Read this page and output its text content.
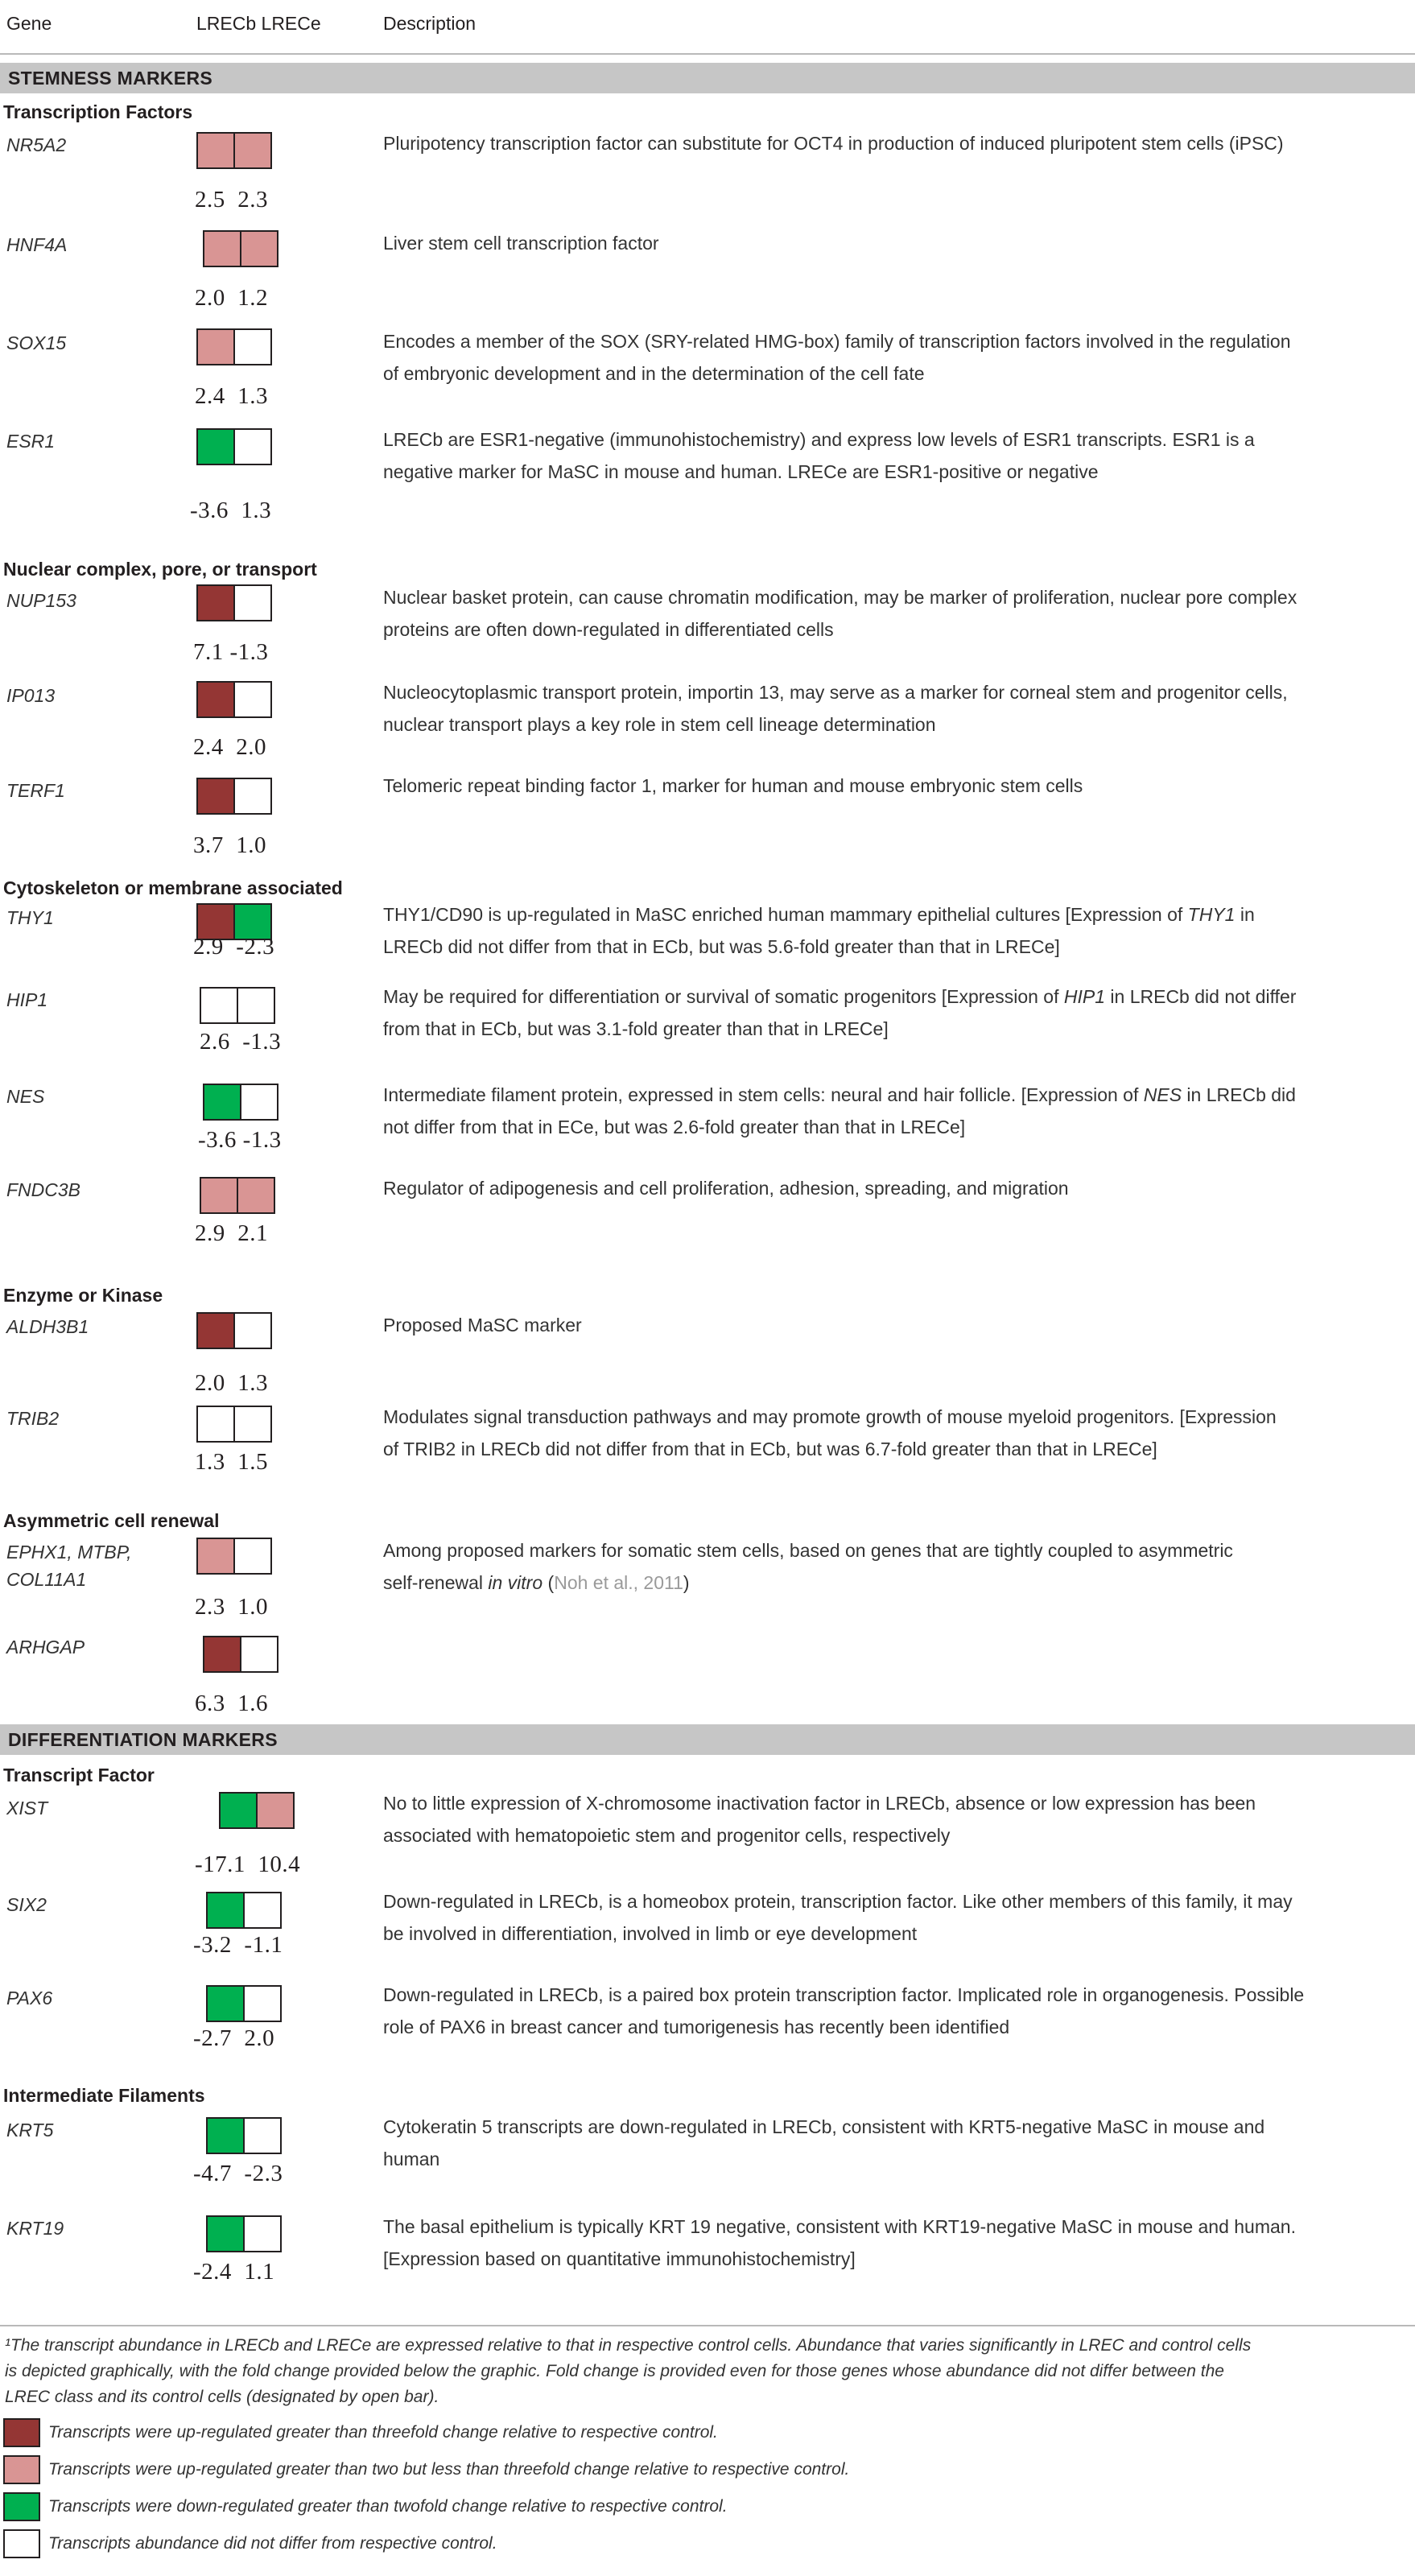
Gene	LRECb LRECe	Description
STEMNESS MARKERS
DIFFERENTIATION MARKERS
Transcription Factors
Nuclear complex, pore, or transport
Cytoskeleton or membrane associated
Enzyme or Kinase
Asymmetric cell renewal
Transcript Factor
Intermediate Filaments
NR5A2
2.5  2.3
Pluripotency transcription factor can substitute for OCT4 in production of induced pluripotent stem cells (iPSC)
HNF4A
2.0  1.2
Liver stem cell transcription factor
SOX15
2.4  1.3
Encodes a member of the SOX (SRY-related HMG-box) family of transcription factors involved in the regulation
of embryonic development and in the determination of the cell fate
ESR1
-3.6  1.3
LRECb are ESR1-negative (immunohistochemistry) and express low levels of ESR1 transcripts. ESR1 is a
negative marker for MaSC in mouse and human. LRECe are ESR1-positive or negative
NUP153
7.1 -1.3
Nuclear basket protein, can cause chromatin modification, may be marker of proliferation, nuclear pore complex
proteins are often down-regulated in differentiated cells
IP013
2.4  2.0
Nucleocytoplasmic transport protein, importin 13, may serve as a marker for corneal stem and progenitor cells,
nuclear transport plays a key role in stem cell lineage determination
TERF1
3.7  1.0
Telomeric repeat binding factor 1, marker for human and mouse embryonic stem cells
THY1
2.9  -2.3
THY1/CD90 is up-regulated in MaSC enriched human mammary epithelial cultures [Expression of THY1 in
LRECb did not differ from that in ECb, but was 5.6-fold greater than that in LRECe]
HIP1
2.6  -1.3
May be required for differentiation or survival of somatic progenitors [Expression of HIP1 in LRECb did not differ
from that in ECb, but was 3.1-fold greater than that in LRECe]
NES
-3.6 -1.3
Intermediate filament protein, expressed in stem cells: neural and hair follicle. [Expression of NES in LRECb did
not differ from that in ECe, but was 2.6-fold greater than that in LRECe]
FNDC3B
2.9  2.1
Regulator of adipogenesis and cell proliferation, adhesion, spreading, and migration
ALDH3B1
2.0  1.3
Proposed MaSC marker
TRIB2
1.3  1.5
Modulates signal transduction pathways and may promote growth of mouse myeloid progenitors. [Expression
of TRIB2 in LRECb did not differ from that in ECb, but was 6.7-fold greater than that in LRECe]
EPHX1, MTBP,
COL11A1
2.3  1.0
Among proposed markers for somatic stem cells, based on genes that are tightly coupled to asymmetric
self-renewal in vitro (Noh et al., 2011)
ARHGAP
6.3  1.6
XIST
-17.1  10.4
No to little expression of X-chromosome inactivation factor in LRECb, absence or low expression has been
associated with hematopoietic stem and progenitor cells, respectively
SIX2
-3.2  -1.1
Down-regulated in LRECb, is a homeobox protein, transcription factor. Like other members of this family, it may
be involved in differentiation, involved in limb or eye development
PAX6
-2.7  2.0
Down-regulated in LRECb, is a paired box protein transcription factor. Implicated role in organogenesis. Possible
role of PAX6 in breast cancer and tumorigenesis has recently been identified
KRT5
-4.7  -2.3
Cytokeratin 5 transcripts are down-regulated in LRECb, consistent with KRT5-negative MaSC in mouse and
human
KRT19
-2.4  1.1
The basal epithelium is typically KRT 19 negative, consistent with KRT19-negative MaSC in mouse and human.
[Expression based on quantitative immunohistochemistry]
¹The transcript abundance in LRECb and LRECe are expressed relative to that in respective control cells. Abundance that varies significantly in LREC and control cells
is depicted graphically, with the fold change provided below the graphic. Fold change is provided even for those genes whose abundance did not differ between the
LREC class and its control cells (designated by open bar).
Transcripts were up-regulated greater than threefold change relative to respective control.
Transcripts were up-regulated greater than two but less than threefold change relative to respective control.
Transcripts were down-regulated greater than twofold change relative to respective control.
Transcripts abundance did not differ from respective control.
